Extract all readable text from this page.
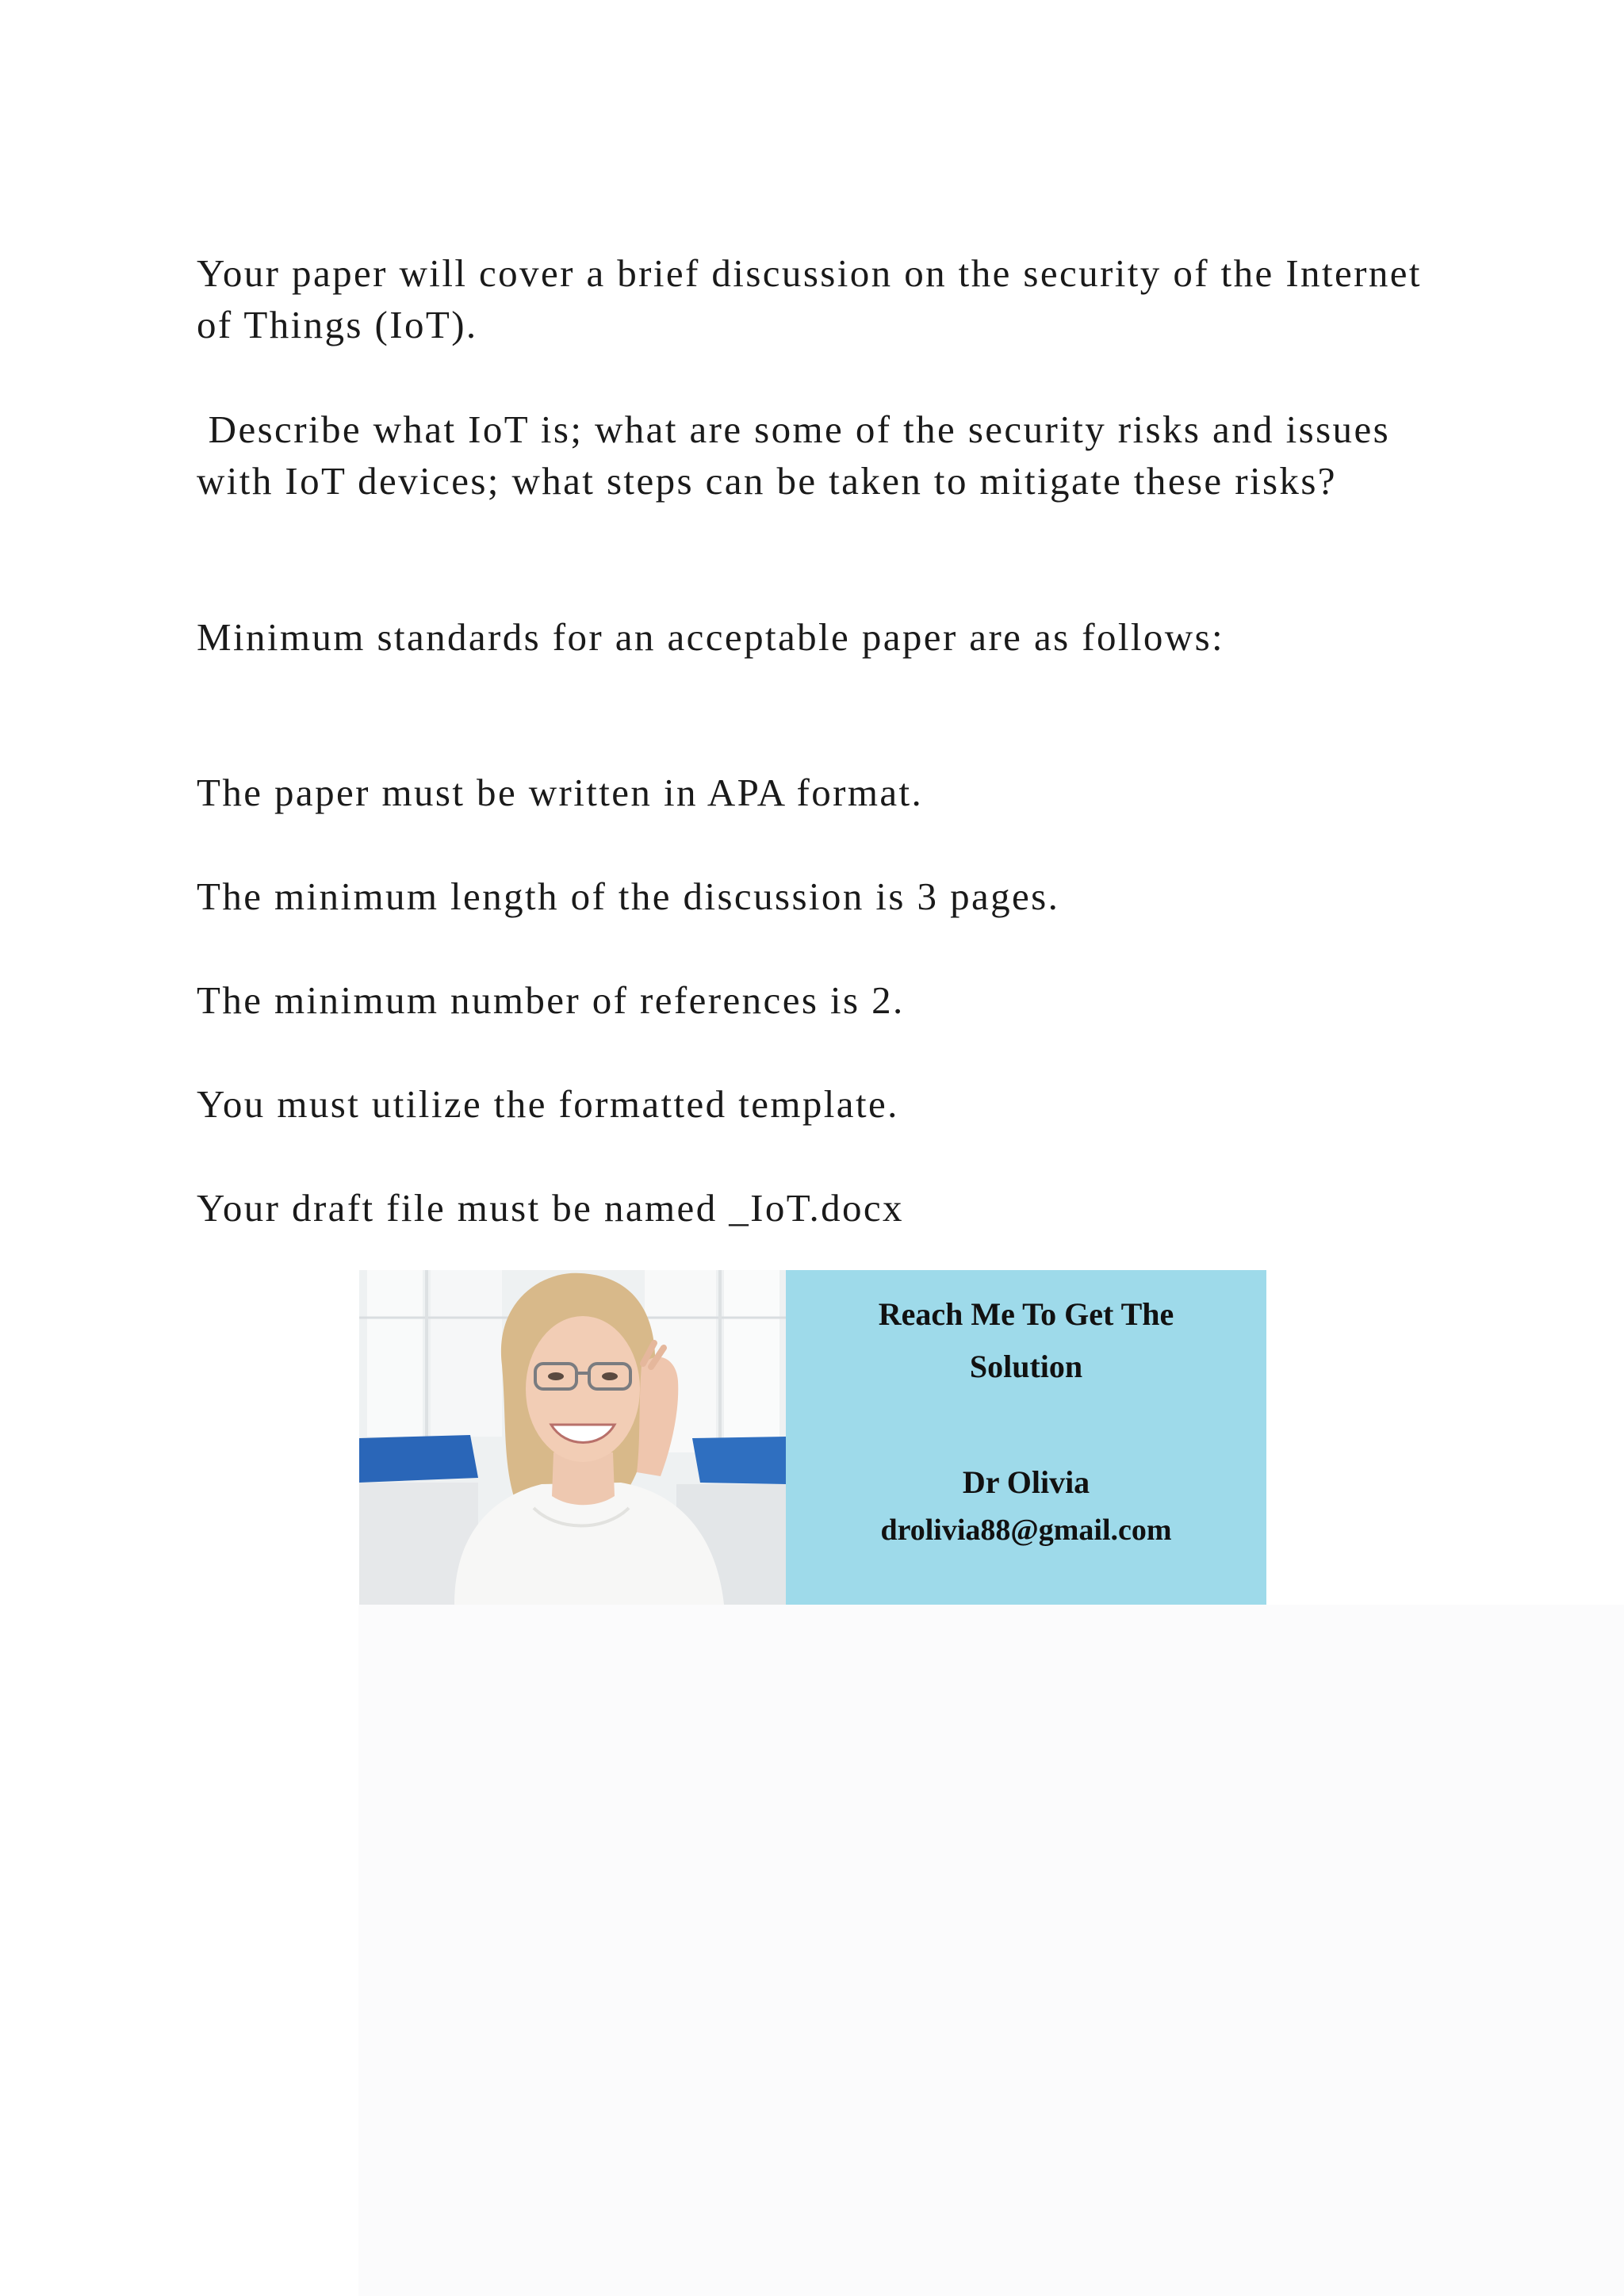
Your paper will cover a brief discussion on the security of the Internet of Things (IoT).

Describe what IoT is; what are some of the security risks and issues with IoT devices; what steps can be taken to mitigate these risks?

Minimum standards for an acceptable paper are as follows:

The paper must be written in APA format.

The minimum length of the discussion is 3 pages.

The minimum number of references is 2.

You must utilize the formatted template.

Your draft file must be named _IoT.docx

Reach Me To Get The
Solution
Dr Olivia
drolivia88@gmail.com
